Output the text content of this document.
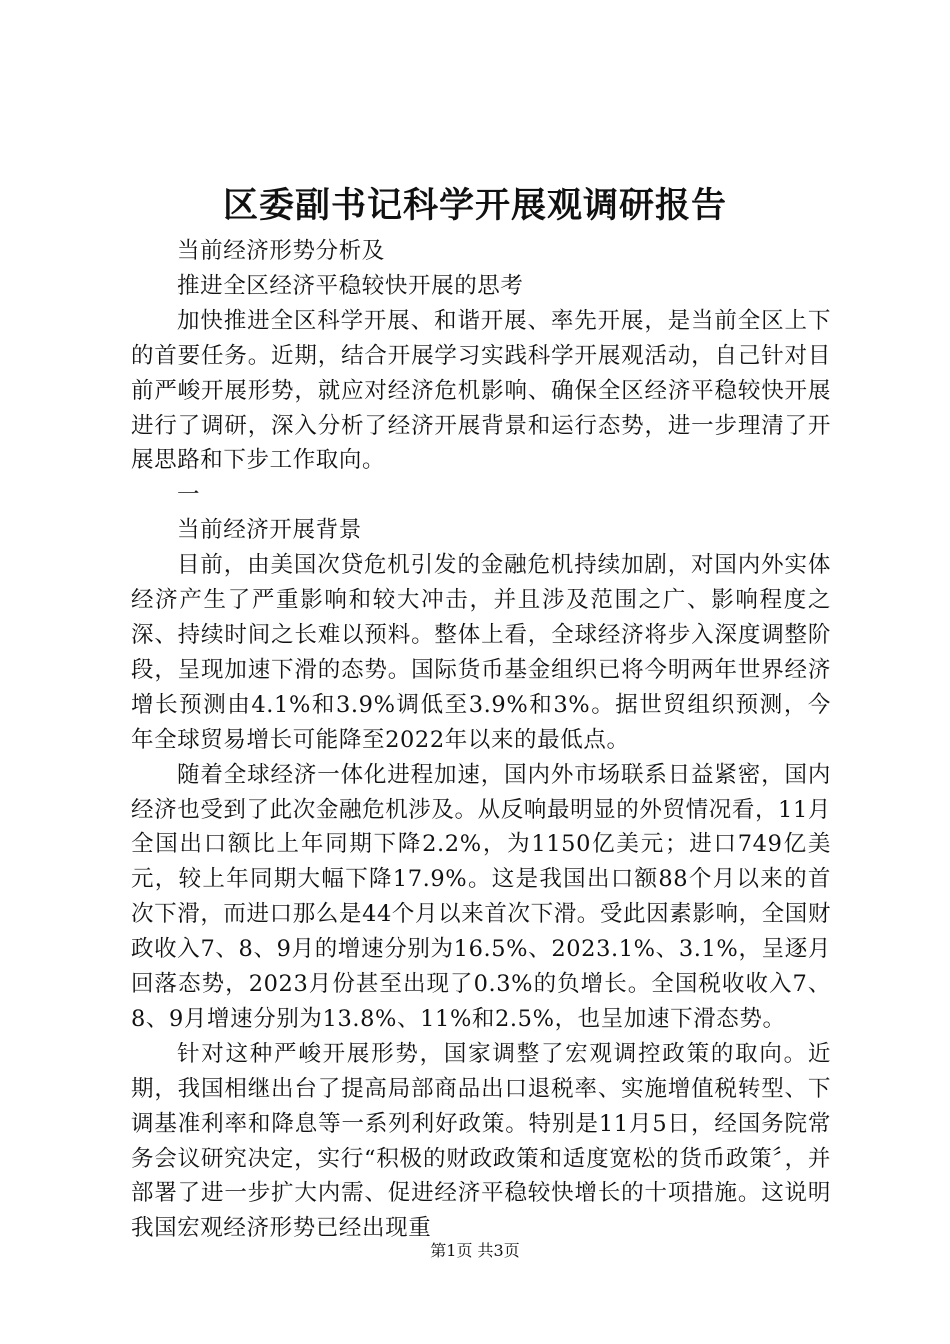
区委副书记科学开展观调研报告

当前经济形势分析及

推进全区经济平稳较快开展的思考

加快推进全区科学开展、和谐开展、率先开展，是当前全区上下的首要任务。近期，结合开展学习实践科学开展观活动，自己针对目前严峻开展形势，就应对经济危机影响、确保全区经济平稳较快开展进行了调研，深入分析了经济开展背景和运行态势，进一步理清了开展思路和下步工作取向。

一

当前经济开展背景

目前，由美国次贷危机引发的金融危机持续加剧，对国内外实体经济产生了严重影响和较大冲击，并且涉及范围之广、影响程度之深、持续时间之长难以预料。整体上看，全球经济将步入深度调整阶段，呈现加速下滑的态势。国际货币基金组织已将今明两年世界经济增长预测由4.1%和3.9%调低至3.9%和3%。据世贸组织预测，今年全球贸易增长可能降至2022年以来的最低点。

随着全球经济一体化进程加速，国内外市场联系日益紧密，国内经济也受到了此次金融危机涉及。从反响最明显的外贸情况看，11月全国出口额比上年同期下降2.2%，为1150亿美元；进口749亿美元，较上年同期大幅下降17.9%。这是我国出口额88个月以来的首次下滑，而进口那么是44个月以来首次下滑。受此因素影响，全国财政收入7、8、9月的增速分别为16.5%、2023.1%、3.1%，呈逐月回落态势，2023月份甚至出现了0.3%的负增长。全国税收收入7、8、9月增速分别为13.8%、11%和2.5%，也呈加速下滑态势。

针对这种严峻开展形势，国家调整了宏观调控政策的取向。近期，我国相继出台了提高局部商品出口退税率、实施增值税转型、下调基准利率和降息等一系列利好政策。特别是11月5日，经国务院常务会议研究决定，实行“积极的财政政策和适度宽松的货币政策〞，并部署了进一步扩大内需、促进经济平稳较快增长的十项措施。这说明我国宏观经济形势已经出现重

第1页 共3页
